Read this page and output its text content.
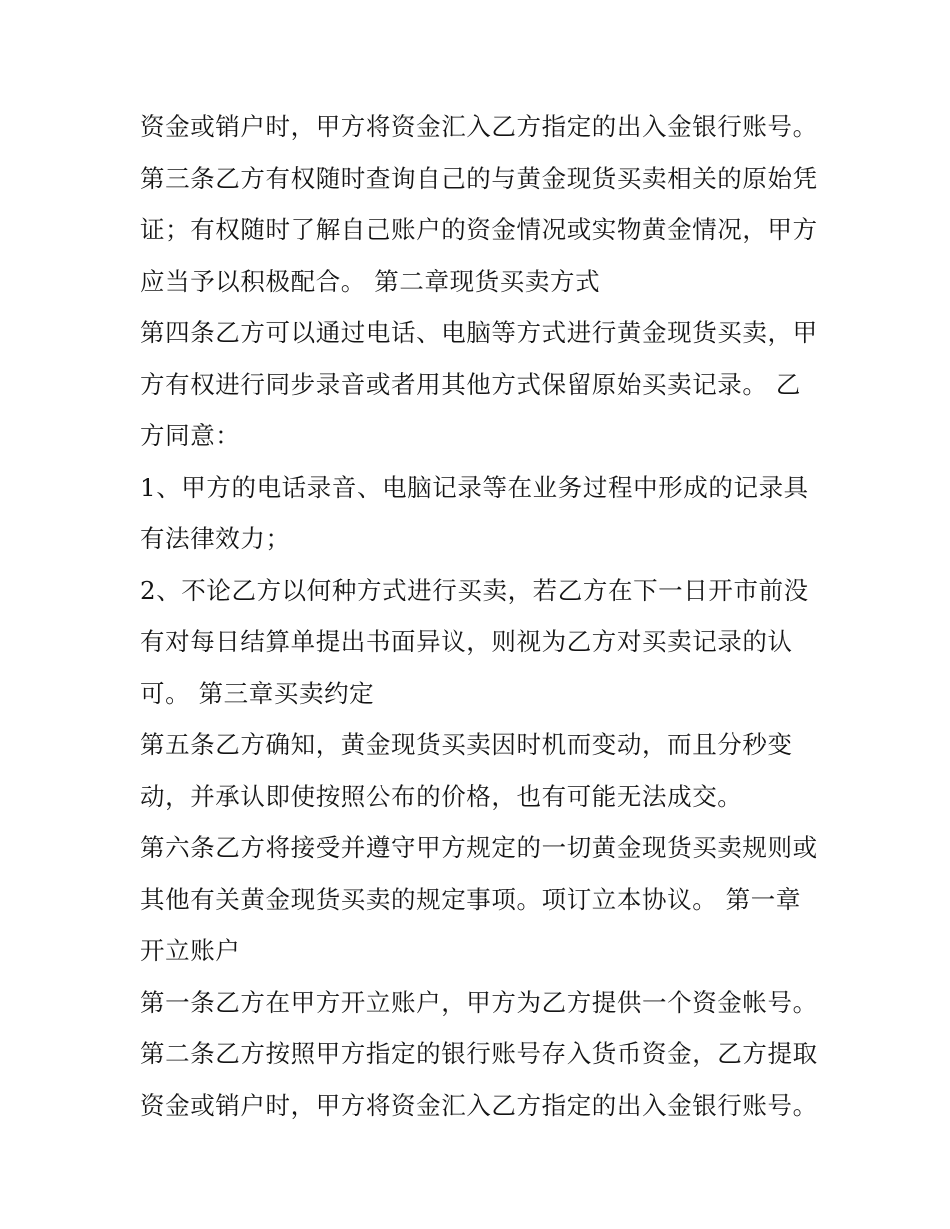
资金或销户时，甲方将资金汇入乙方指定的出入金银行账号。
第三条乙方有权随时查询自己的与黄金现货买卖相关的原始凭
证；有权随时了解自己账户的资金情况或实物黄金情况，甲方
应当予以积极配合。 第二章现货买卖方式
第四条乙方可以通过电话、电脑等方式进行黄金现货买卖，甲
方有权进行同步录音或者用其他方式保留原始买卖记录。 乙
方同意：
1、甲方的电话录音、电脑记录等在业务过程中形成的记录具
有法律效力；
2、不论乙方以何种方式进行买卖，若乙方在下一日开市前没
有对每日结算单提出书面异议，则视为乙方对买卖记录的认
可。 第三章买卖约定
第五条乙方确知，黄金现货买卖因时机而变动，而且分秒变
动，并承认即使按照公布的价格，也有可能无法成交。
第六条乙方将接受并遵守甲方规定的一切黄金现货买卖规则或
其他有关黄金现货买卖的规定事项。项订立本协议。 第一章
开立账户
第一条乙方在甲方开立账户，甲方为乙方提供一个资金帐号。
第二条乙方按照甲方指定的银行账号存入货币资金，乙方提取
资金或销户时，甲方将资金汇入乙方指定的出入金银行账号。
